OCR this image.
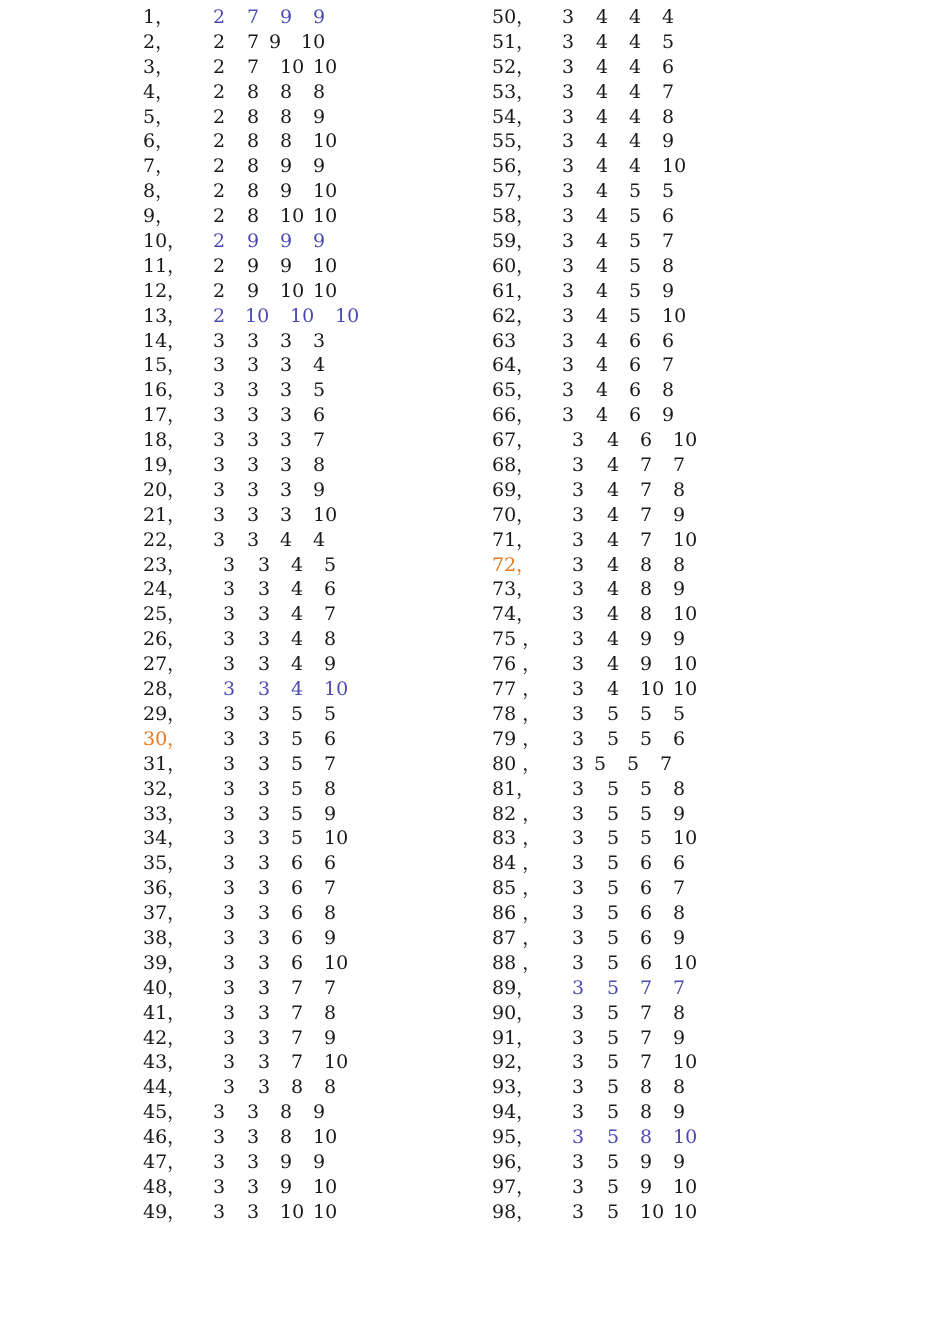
1， 2 7 9 9
2， 2 7 9 10
3， 2 7 10 10
4， 2 8 8 8
5， 2 8 8 9
6， 2 8 8 10
7， 2 8 9 9
8， 2 8 9 10
9， 2 8 10 10
10， 2 9 9 9
11， 2 9 9 10
12， 2 9 10 10
13， 2 10 10 10
14， 3 3 3 3
15， 3 3 3 4
16， 3 3 3 5
17， 3 3 3 6
18， 3 3 3 7
19， 3 3 3 8
20， 3 3 3 9
21， 3 3 3 10
22， 3 3 4 4
23， 3 3 4 5
24， 3 3 4 6
25， 3 3 4 7
26， 3 3 4 8
27， 3 3 4 9
28， 3 3 4 10
29， 3 3 5 5
30， 3 3 5 6
31， 3 3 5 7
32， 3 3 5 8
33， 3 3 5 9
34， 3 3 5 10
35， 3 3 6 6
36， 3 3 6 7
37， 3 3 6 8
38， 3 3 6 9
39， 3 3 6 10
40， 3 3 7 7
41， 3 3 7 8
42， 3 3 7 9
43， 3 3 7 10
44， 3 3 8 8
45， 3 3 8 9
46， 3 3 8 10
47， 3 3 9 9
48， 3 3 9 10
49， 3 3 10 10
50， 3 4 4 4
51， 3 4 4 5
52， 3 4 4 6
53， 3 4 4 7
54， 3 4 4 8
55， 3 4 4 9
56， 3 4 4 10
57， 3 4 5 5
58， 3 4 5 6
59， 3 4 5 7
60， 3 4 5 8
61， 3 4 5 9
62， 3 4 5 10
63 3 4 6 6
64， 3 4 6 7
65， 3 4 6 8
66， 3 4 6 9
67， 3 4 6 10
68， 3 4 7 7
69， 3 4 7 8
70， 3 4 7 9
71， 3 4 7 10
72， 3 4 8 8
73， 3 4 8 9
74， 3 4 8 10
75 ， 3 4 9 9
76 ， 3 4 9 10
77 ， 3 4 10 10
78 ， 3 5 5 5
79 ， 3 5 5 6
80 ， 3 5 5 7
81， 3 5 5 8
82 ， 3 5 5 9
83 ， 3 5 5 10
84 ， 3 5 6 6
85 ， 3 5 6 7
86 ， 3 5 6 8
87 ， 3 5 6 9
88 ， 3 5 6 10
89， 3 5 7 7
90， 3 5 7 8
91， 3 5 7 9
92， 3 5 7 10
93， 3 5 8 8
94， 3 5 8 9
95， 3 5 8 10
96， 3 5 9 9
97， 3 5 9 10
98， 3 5 10 10
